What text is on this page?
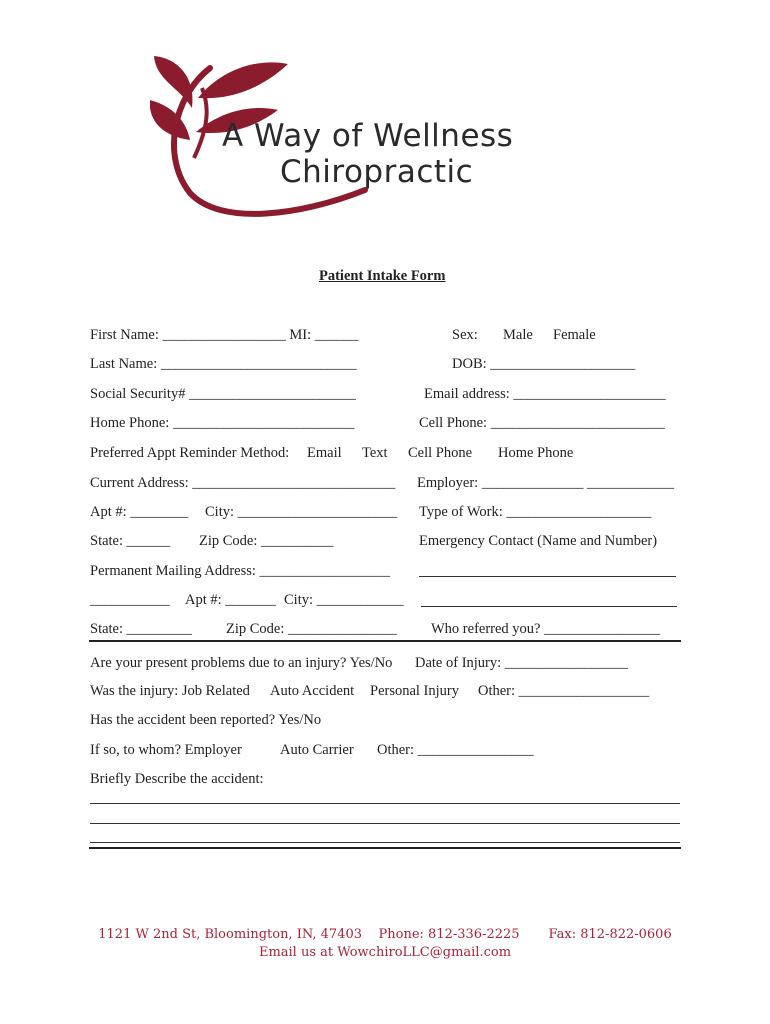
A Way of Wellness
Chiropractic
Patient Intake Form
First Name: _________________ MI: ______	Sex: Male Female
Last Name: ___________________________	DOB: ____________________
Social Security# _______________________	Email address: _____________________
Home Phone: _________________________	Cell Phone: ________________________
Preferred Appt Reminder Method: Email Text Cell Phone Home Phone
Current Address: ____________________________ Employer: ______________ ____________
Apt #: ________ City: ______________________ Type of Work: ____________________
State: ______ Zip Code: __________	Emergency Contact (Name and Number)
Permanent Mailing Address: __________________
___________ Apt #: _______ City: ____________
State: _________ Zip Code: _______________ Who referred you? ________________
Are your present problems due to an injury? Yes/No Date of Injury: _________________
Was the injury: Job Related Auto Accident Personal Injury Other: __________________
Has the accident been reported? Yes/No
If so, to whom? Employer	Auto Carrier Other: ________________
Briefly Describe the accident:
1121 W 2nd St, Bloomington, IN, 47403 Phone: 812-336-2225 Fax: 812-822-0606
Email us at WowchiroLLC@gmail.com
